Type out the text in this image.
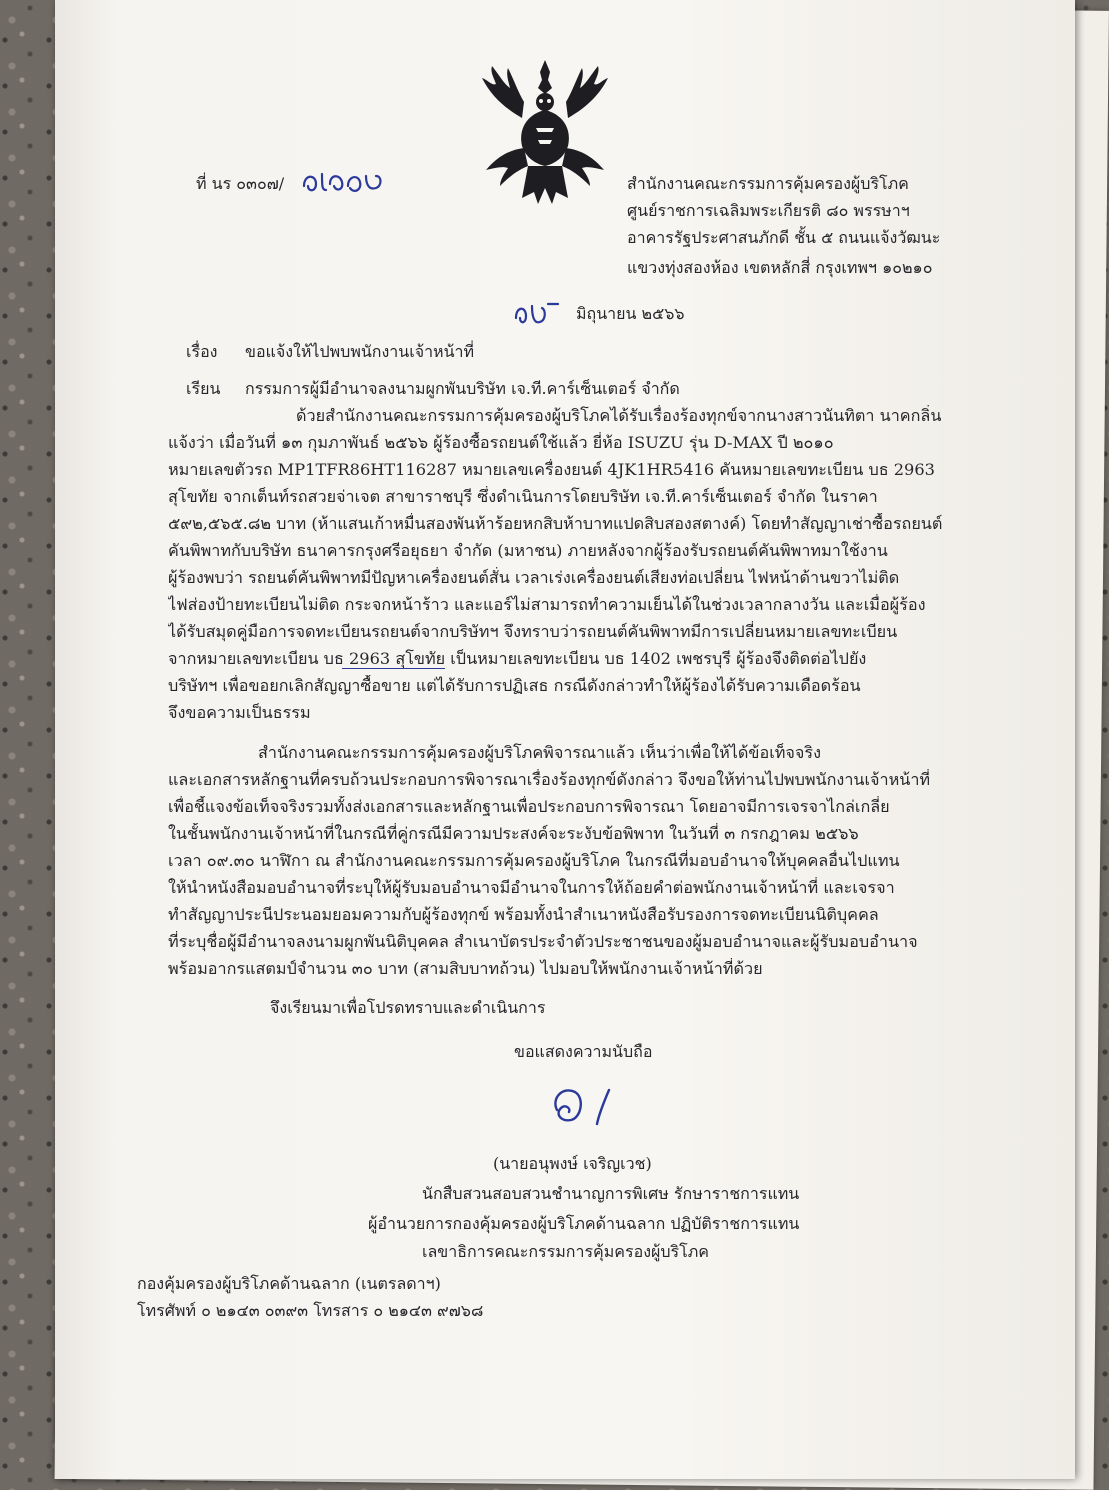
ที่ นร ๐๓๐๗/	สำนักงานคณะกรรมการคุ้มครองผู้บริโภค
ศูนย์ราชการเฉลิมพระเกียรติ ๘๐ พรรษาฯ
อาคารรัฐประศาสนภักดี ชั้น ๕ ถนนแจ้งวัฒนะ
แขวงทุ่งสองห้อง เขตหลักสี่ กรุงเทพฯ ๑๐๒๑๐
มิถุนายน ๒๕๖๖
เรื่อง ขอแจ้งให้ไปพบพนักงานเจ้าหน้าที่
เรียน กรรมการผู้มีอำนาจลงนามผูกพันบริษัท เจ.ที.คาร์เซ็นเตอร์ จำกัด
ด้วยสำนักงานคณะกรรมการคุ้มครองผู้บริโภคได้รับเรื่องร้องทุกข์จากนางสาวนันทิตา นาคกลิ่น
แจ้งว่า เมื่อวันที่ ๑๓ กุมภาพันธ์ ๒๕๖๖ ผู้ร้องซื้อรถยนต์ใช้แล้ว ยี่ห้อ ISUZU รุ่น D-MAX ปี ๒๐๑๐
หมายเลขตัวรถ MP1TFR86HT116287 หมายเลขเครื่องยนต์ 4JK1HR5416 คันหมายเลขทะเบียน บธ 2963
สุโขทัย จากเต็นท์รถสวยจ่าเจต สาขาราชบุรี ซึ่งดำเนินการโดยบริษัท เจ.ที.คาร์เซ็นเตอร์ จำกัด ในราคา
๕๙๒,๕๖๕.๘๒ บาท (ห้าแสนเก้าหมื่นสองพันห้าร้อยหกสิบห้าบาทแปดสิบสองสตางค์) โดยทำสัญญาเช่าซื้อรถยนต์
คันพิพาทกับบริษัท ธนาคารกรุงศรีอยุธยา จำกัด (มหาชน) ภายหลังจากผู้ร้องรับรถยนต์คันพิพาทมาใช้งาน
ผู้ร้องพบว่า รถยนต์คันพิพาทมีปัญหาเครื่องยนต์สั่น เวลาเร่งเครื่องยนต์เสียงท่อเปลี่ยน ไฟหน้าด้านขวาไม่ติด
ไฟส่องป้ายทะเบียนไม่ติด กระจกหน้าร้าว และแอร์ไม่สามารถทำความเย็นได้ในช่วงเวลากลางวัน และเมื่อผู้ร้อง
ได้รับสมุดคู่มือการจดทะเบียนรถยนต์จากบริษัทฯ จึงทราบว่ารถยนต์คันพิพาทมีการเปลี่ยนหมายเลขทะเบียน
จากหมายเลขทะเบียน บธ 2963 สุโขทัย เป็นหมายเลขทะเบียน บธ 1402 เพชรบุรี ผู้ร้องจึงติดต่อไปยัง
บริษัทฯ เพื่อขอยกเลิกสัญญาซื้อขาย แต่ได้รับการปฏิเสธ กรณีดังกล่าวทำให้ผู้ร้องได้รับความเดือดร้อน
จึงขอความเป็นธรรม
สำนักงานคณะกรรมการคุ้มครองผู้บริโภคพิจารณาแล้ว เห็นว่าเพื่อให้ได้ข้อเท็จจริง
และเอกสารหลักฐานที่ครบถ้วนประกอบการพิจารณาเรื่องร้องทุกข์ดังกล่าว จึงขอให้ท่านไปพบพนักงานเจ้าหน้าที่
เพื่อชี้แจงข้อเท็จจริงรวมทั้งส่งเอกสารและหลักฐานเพื่อประกอบการพิจารณา โดยอาจมีการเจรจาไกล่เกลี่ย
ในชั้นพนักงานเจ้าหน้าที่ในกรณีที่คู่กรณีมีความประสงค์จะระงับข้อพิพาท ในวันที่ ๓ กรกฎาคม ๒๕๖๖
เวลา ๐๙.๓๐ นาฬิกา ณ สำนักงานคณะกรรมการคุ้มครองผู้บริโภค ในกรณีที่มอบอำนาจให้บุคคลอื่นไปแทน
ให้นำหนังสือมอบอำนาจที่ระบุให้ผู้รับมอบอำนาจมีอำนาจในการให้ถ้อยคำต่อพนักงานเจ้าหน้าที่ และเจรจา
ทำสัญญาประนีประนอมยอมความกับผู้ร้องทุกข์ พร้อมทั้งนำสำเนาหนังสือรับรองการจดทะเบียนนิติบุคคล
ที่ระบุชื่อผู้มีอำนาจลงนามผูกพันนิติบุคคล สำเนาบัตรประจำตัวประชาชนของผู้มอบอำนาจและผู้รับมอบอำนาจ
พร้อมอากรแสตมป์จำนวน ๓๐ บาท (สามสิบบาทถ้วน) ไปมอบให้พนักงานเจ้าหน้าที่ด้วย
จึงเรียนมาเพื่อโปรดทราบและดำเนินการ
ขอแสดงความนับถือ
(นายอนุพงษ์ เจริญเวช)
นักสืบสวนสอบสวนชำนาญการพิเศษ รักษาราชการแทน
ผู้อำนวยการกองคุ้มครองผู้บริโภคด้านฉลาก ปฏิบัติราชการแทน
เลขาธิการคณะกรรมการคุ้มครองผู้บริโภค
กองคุ้มครองผู้บริโภคด้านฉลาก (เนตรลดาฯ)
โทรศัพท์ ๐ ๒๑๔๓ ๐๓๙๓ โทรสาร ๐ ๒๑๔๓ ๙๗๖๘
